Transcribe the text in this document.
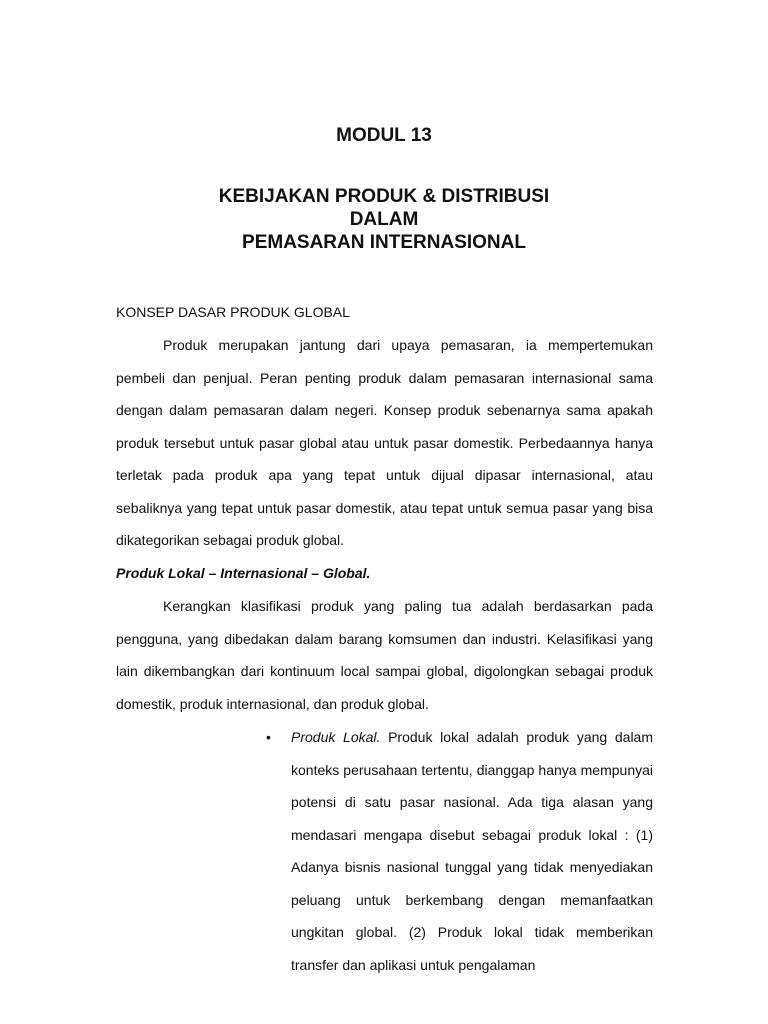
MODUL 13
KEBIJAKAN PRODUK & DISTRIBUSI
DALAM
PEMASARAN INTERNASIONAL
KONSEP DASAR PRODUK GLOBAL

Produk merupakan jantung dari upaya pemasaran, ia mempertemukan pembeli dan penjual. Peran penting produk dalam pemasaran internasional sama dengan dalam pemasaran dalam negeri. Konsep produk sebenarnya sama apakah produk tersebut untuk pasar global atau untuk pasar domestik. Perbedaannya hanya terletak pada produk apa yang tepat untuk dijual dipasar internasional, atau sebaliknya yang tepat untuk pasar domestik, atau tepat untuk semua pasar yang bisa dikategorikan sebagai produk global.

Produk Lokal – Internasional – Global.

Kerangkan klasifikasi produk yang paling tua adalah berdasarkan pada pengguna, yang dibedakan dalam barang komsumen dan industri. Kelasifikasi yang lain dikembangkan dari kontinuum local sampai global, digolongkan sebagai produk domestik, produk internasional, dan produk global.

• Produk Lokal. Produk lokal adalah produk yang dalam konteks perusahaan tertentu, dianggap hanya mempunyai potensi di satu pasar nasional. Ada tiga alasan yang mendasari mengapa disebut sebagai produk lokal : (1) Adanya bisnis nasional tunggal yang tidak menyediakan peluang untuk berkembang dengan memanfaatkan ungkitan global. (2) Produk lokal tidak memberikan transfer dan aplikasi untuk pengalaman
